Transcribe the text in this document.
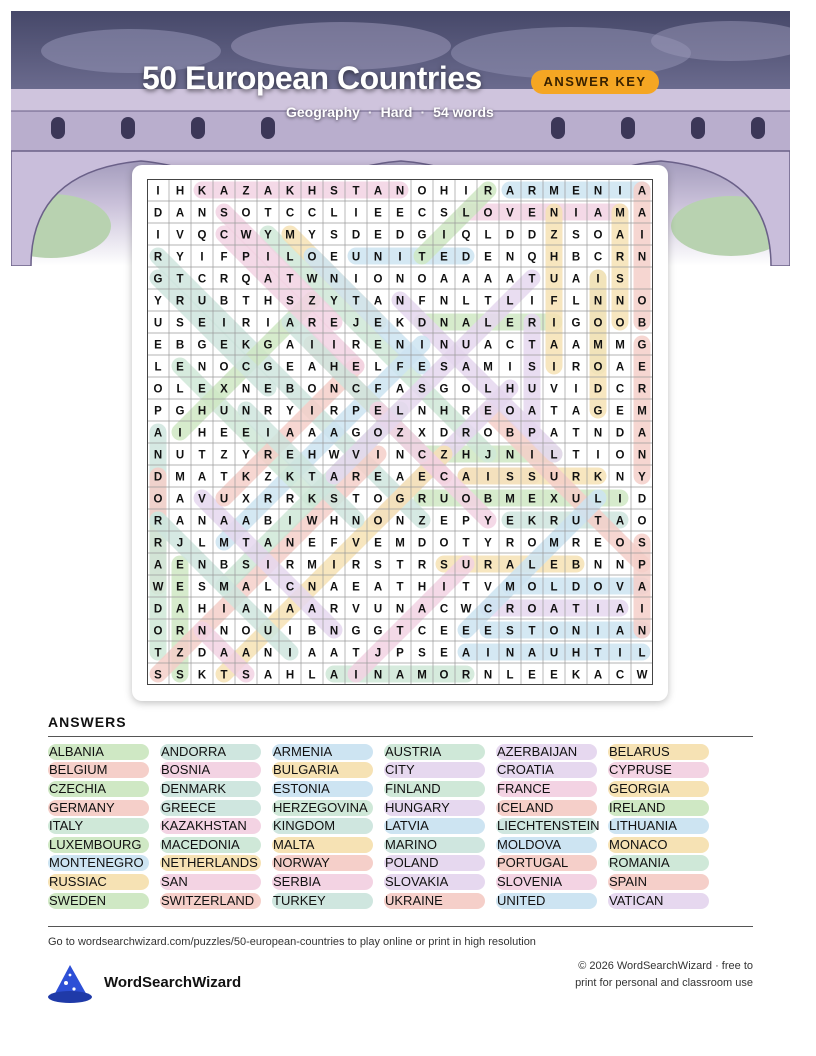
50 European Countries	ANSWER KEY
Geography · Hard · 54 words
I H K A Z A K H S T A N O H I R A R M E N I A
D A N S O T C C L I E E C S L O V E N I A M A
I V Q C W Y M Y S D E D G I Q L D D Z S O A I
R Y I F P I L O E U N I T E D E N Q H B C R N
G T C R Q A T W N I O N O A A A A T U A I S
Y R U B T H S Z Y T A N F N L T L I F L N N O
U S E I R I A R E J E K D N A L E R I G O O B
E B G E K G A I I R E N I N U A C T A A M M G
L E N O C G E A H E L F E S A M I S I R O A E
O L E X N E B O N C F A S G O L H U V I D C R
P G H U N R Y I R P E L N H R E O A T A G E M
A I H E E I A A A G O Z X D R O B P A T N D A
N U T Z Y R E H W V I N C Z H J N I L T I O N
D M A T K Z K T A R E A E C A I S S U R K N Y
O A V U X R R K S T O G R U O B M E X U L I D
R A N A A B I W H N O N Z E P Y E K R U T A O
R J L M T A N E F V E M D O T Y R O M R E O S
A E N B S I R M I R S T R S U R A L E B N N P
W E S M A L C N A E A T H I T V M O L D O V A
D A H I A N A A R V U N A C W C R O A T I A I
O R N N O U I B N G G T C E E E S T O N I A N
T Z D A A N I A A T J P S E A I N A U H T I L
S S K T S A H L A I N A M O R N L E E K A C W
ANSWERS
ALBANIA	ANDORRA	ARMENIA	AUSTRIA	AZERBAIJAN	BELARUS
BELGIUM	BOSNIA	BULGARIA	CITY	CROATIA	CYPRUSE
CZECHIA	DENMARK	ESTONIA	FINLAND	FRANCE	GEORGIA
GERMANY	GREECE	HERZEGOVINA	HUNGARY	ICELAND	IRELAND
ITALY	KAZAKHSTAN	KINGDOM	LATVIA	LIECHTENSTEIN LITHUANIA
LUXEMBOURG	MACEDONIA	MALTA	MARINO	MOLDOVA	MONACO
MONTENEGRO	NETHERLANDS NORWAY	POLAND	PORTUGAL	ROMANIA
RUSSIAC	SAN	SERBIA	SLOVAKIA	SLOVENIA	SPAIN
SWEDEN	SWITZERLAND	TURKEY	UKRAINE	UNITED	VATICAN
Go to wordsearchwizard.com/puzzles/50-european-countries to play online or print in high resolution
WordSearchWizard
© 2026 WordSearchWizard · free to print for personal and classroom use
